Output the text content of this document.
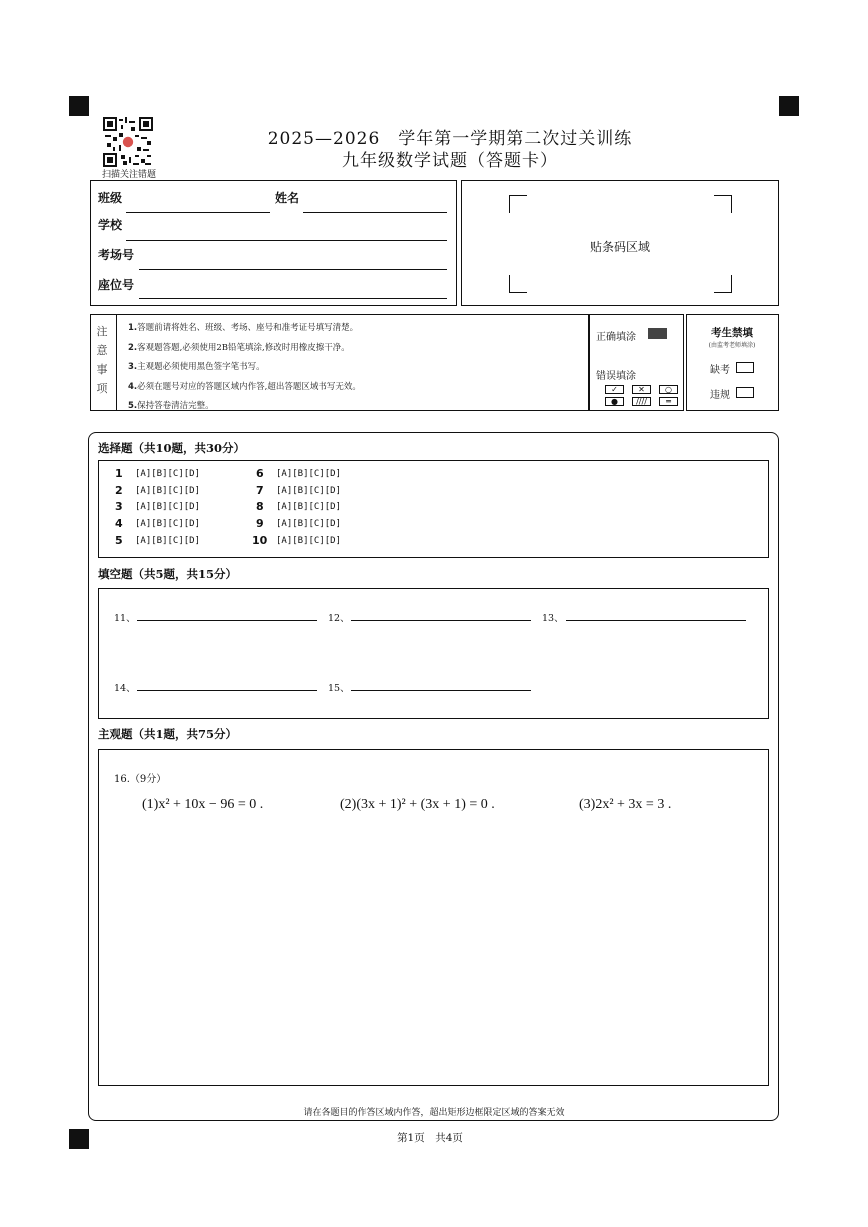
扫描关注错题
2025—2026　学年第一学期第二次过关训练
九年级数学试题（答题卡）
班级	姓名
学校
考场号
座位号
贴条码区域
注
意
事
项
1.答题前请将姓名、班级、考场、座号和准考证号填写清楚。
2.客观题答题,必须使用2B铅笔填涂,修改时用橡皮擦干净。
3.主观题必须使用黑色签字笔书写。
4.必须在题号对应的答题区域内作答,超出答题区域书写无效。
5.保持答卷清洁完整。
正确填涂
错误填涂
✓	✕	○
●	////	═
考生禁填
(由监考老师填涂)
缺考
违规
选择题（共10题，共30分）
1 [A][B][C][D]
2 [A][B][C][D]
3 [A][B][C][D]
4 [A][B][C][D]
5 [A][B][C][D]
6 [A][B][C][D]
7 [A][B][C][D]
8 [A][B][C][D]
9 [A][B][C][D]
10 [A][B][C][D]
填空题（共5题，共15分）
11、	12、	13、
14、	15、
主观题（共1题，共75分）
16.（9分）
(1)x² + 10x − 96 = 0 .	(2)(3x + 1)² + (3x + 1) = 0 .	(3)2x² + 3x = 3 .
请在各题目的作答区域内作答，超出矩形边框限定区域的答案无效
第1页　共4页
